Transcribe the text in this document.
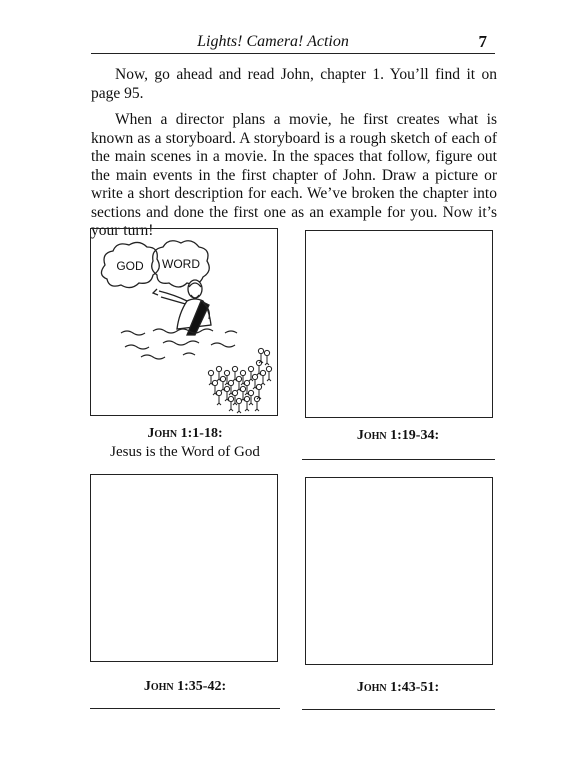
Lights! Camera! Action	7

Now, go ahead and read John, chapter 1. You’ll find it on page 95.

When a director plans a movie, he first creates what is known as a storyboard. A storyboard is a rough sketch of each of the main scenes in a movie. In the spaces that follow, figure out the main events in the first chapter of John. Draw a picture or write a short description for each. We’ve broken the chapter into sections and done the first one as an example for you. Now it’s your turn!

GOD WORD
John 1:1-18:
Jesus is the Word of God
John 1:19-34:
John 1:35-42:	John 1:43-51:
